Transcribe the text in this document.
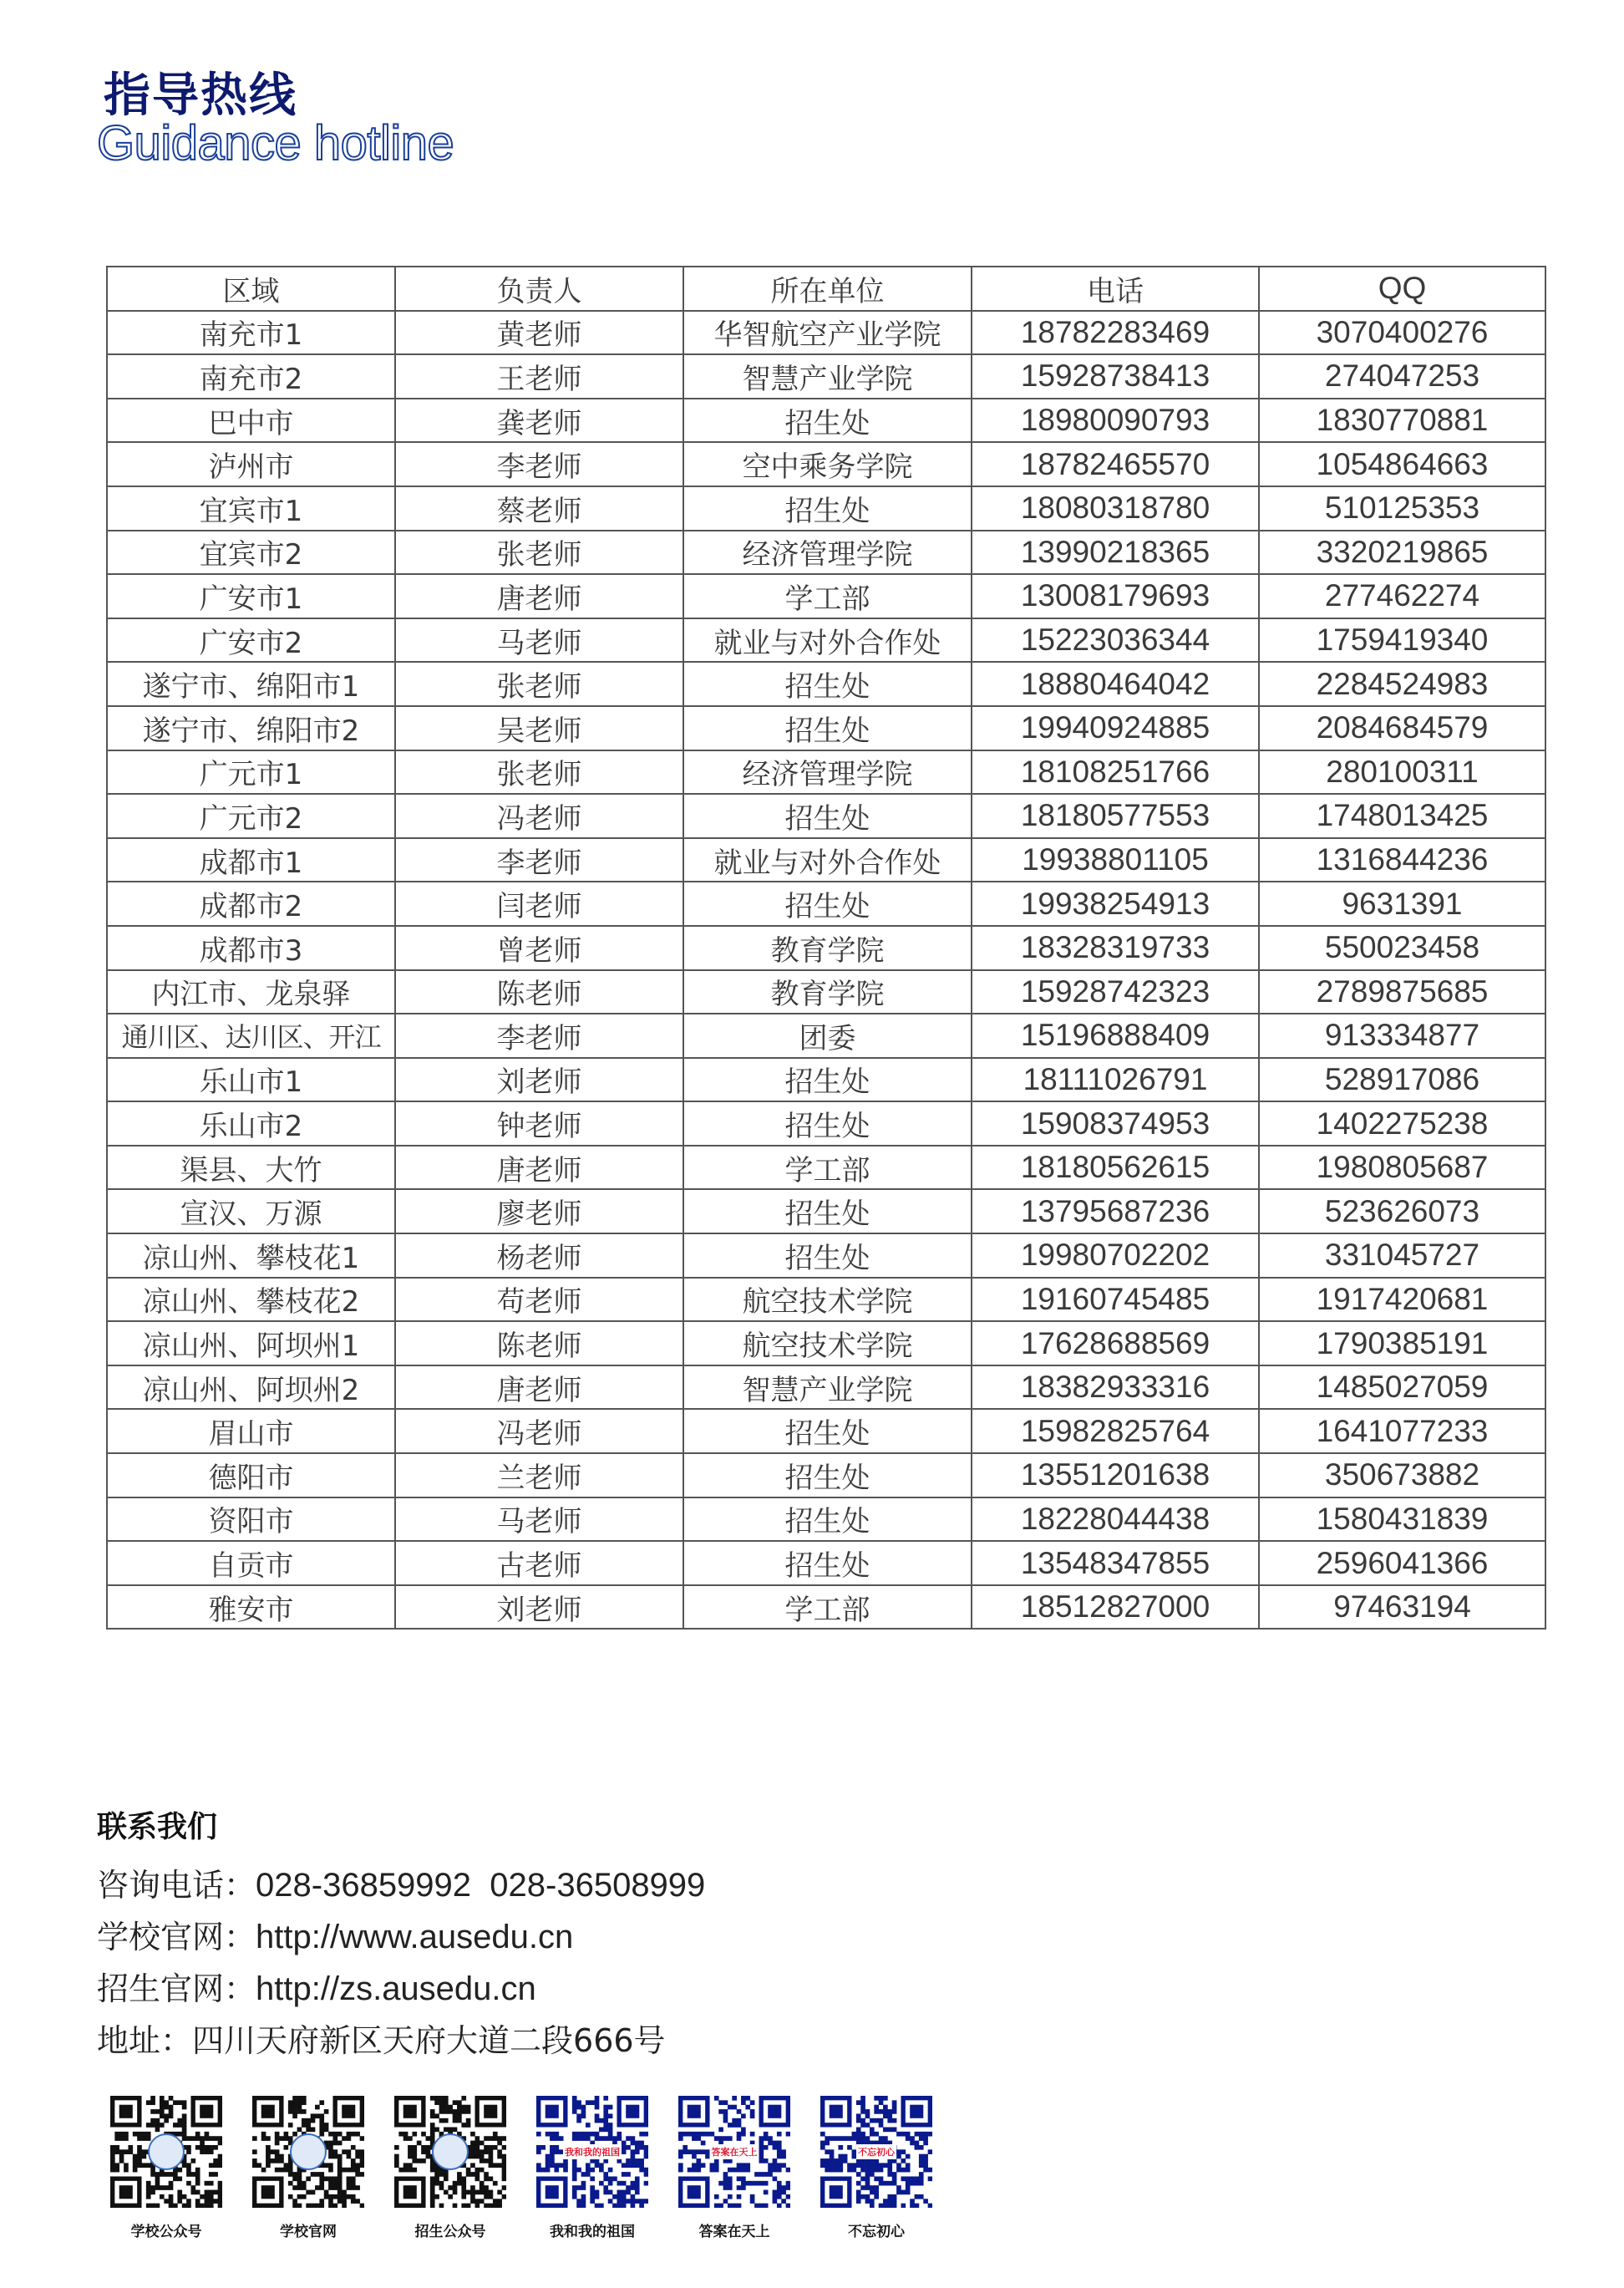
指导热线
Guidance hotline
区域	负责人	所在单位	电话	QQ
南充市1	黄老师	华智航空产业学院	18782283469	3070400276
南充市2	王老师	智慧产业学院	15928738413	274047253
巴中市	龚老师	招生处	18980090793	1830770881
泸州市	李老师	空中乘务学院	18782465570	1054864663
宜宾市1	蔡老师	招生处	18080318780	510125353
宜宾市2	张老师	经济管理学院	13990218365	3320219865
广安市1	唐老师	学工部	13008179693	277462274
广安市2	马老师	就业与对外合作处	15223036344	1759419340
遂宁市、绵阳市1	张老师	招生处	18880464042	2284524983
遂宁市、绵阳市2	吴老师	招生处	19940924885	2084684579
广元市1	张老师	经济管理学院	18108251766	280100311
广元市2	冯老师	招生处	18180577553	1748013425
成都市1	李老师	就业与对外合作处	19938801105	1316844236
成都市2	闫老师	招生处	19938254913	9631391
成都市3	曾老师	教育学院	18328319733	550023458
内江市、龙泉驿	陈老师	教育学院	15928742323	2789875685
通川区、达川区、开江	李老师	团委	15196888409	913334877
乐山市1	刘老师	招生处	18111026791	528917086
乐山市2	钟老师	招生处	15908374953	1402275238
渠县、大竹	唐老师	学工部	18180562615	1980805687
宣汉、万源	廖老师	招生处	13795687236	523626073
凉山州、攀枝花1	杨老师	招生处	19980702202	331045727
凉山州、攀枝花2	苟老师	航空技术学院	19160745485	1917420681
凉山州、阿坝州1	陈老师	航空技术学院	17628688569	1790385191
凉山州、阿坝州2	唐老师	智慧产业学院	18382933316	1485027059
眉山市	冯老师	招生处	15982825764	1641077233
德阳市	兰老师	招生处	13551201638	350673882
资阳市	马老师	招生处	18228044438	1580431839
自贡市	古老师	招生处	13548347855	2596041366
雅安市	刘老师	学工部	18512827000	97463194
联系我们
咨询电话：028-36859992  028-36508999
学校官网：http://www.ausedu.cn
招生官网：http://zs.ausedu.cn
地址：四川天府新区天府大道二段666号
学校公众号	学校官网	招生公众号
我和我的祖国
我和我的祖国
答案在天上
答案在天上
不忘初心
不忘初心
